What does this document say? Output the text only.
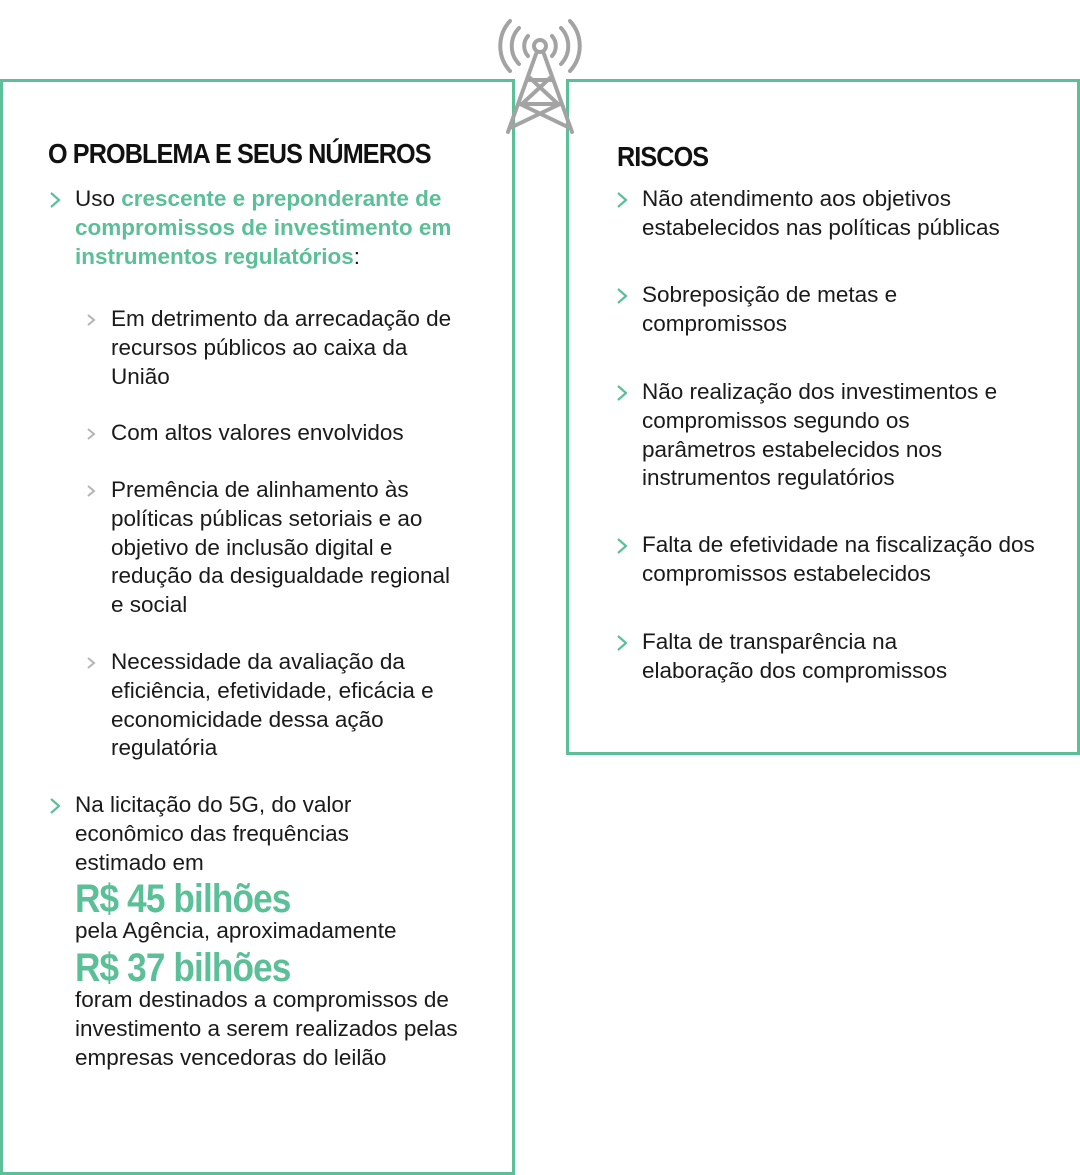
RISCOS
O PROBLEMA E SEUS NÚMEROS
Uso crescente e preponderante de compromissos de investimento em instrumentos regulatórios:
Em detrimento da arrecadação de recursos públicos ao caixa da União
Com altos valores envolvidos
Premência de alinhamento às políticas públicas setoriais e ao objetivo de inclusão digital e redução da desigualdade regional e social
Necessidade da avaliação da eficiência, efetividade, eficácia e economicidade dessa ação regulatória
Na licitação do 5G, do valor econômico das frequências estimado em
R$ 45 bilhões
pela Agência, aproximadamente
R$ 37 bilhões
foram destinados a compromissos de investimento a serem realizados pelas empresas vencedoras do leilão
Não atendimento aos objetivos estabelecidos nas políticas públicas
Sobreposição de metas e compromissos
Não realização dos investimentos e compromissos segundo os parâmetros estabelecidos nos instrumentos regulatórios
Falta de efetividade na fiscalização dos compromissos estabelecidos
Falta de transparência na elaboração dos compromissos
